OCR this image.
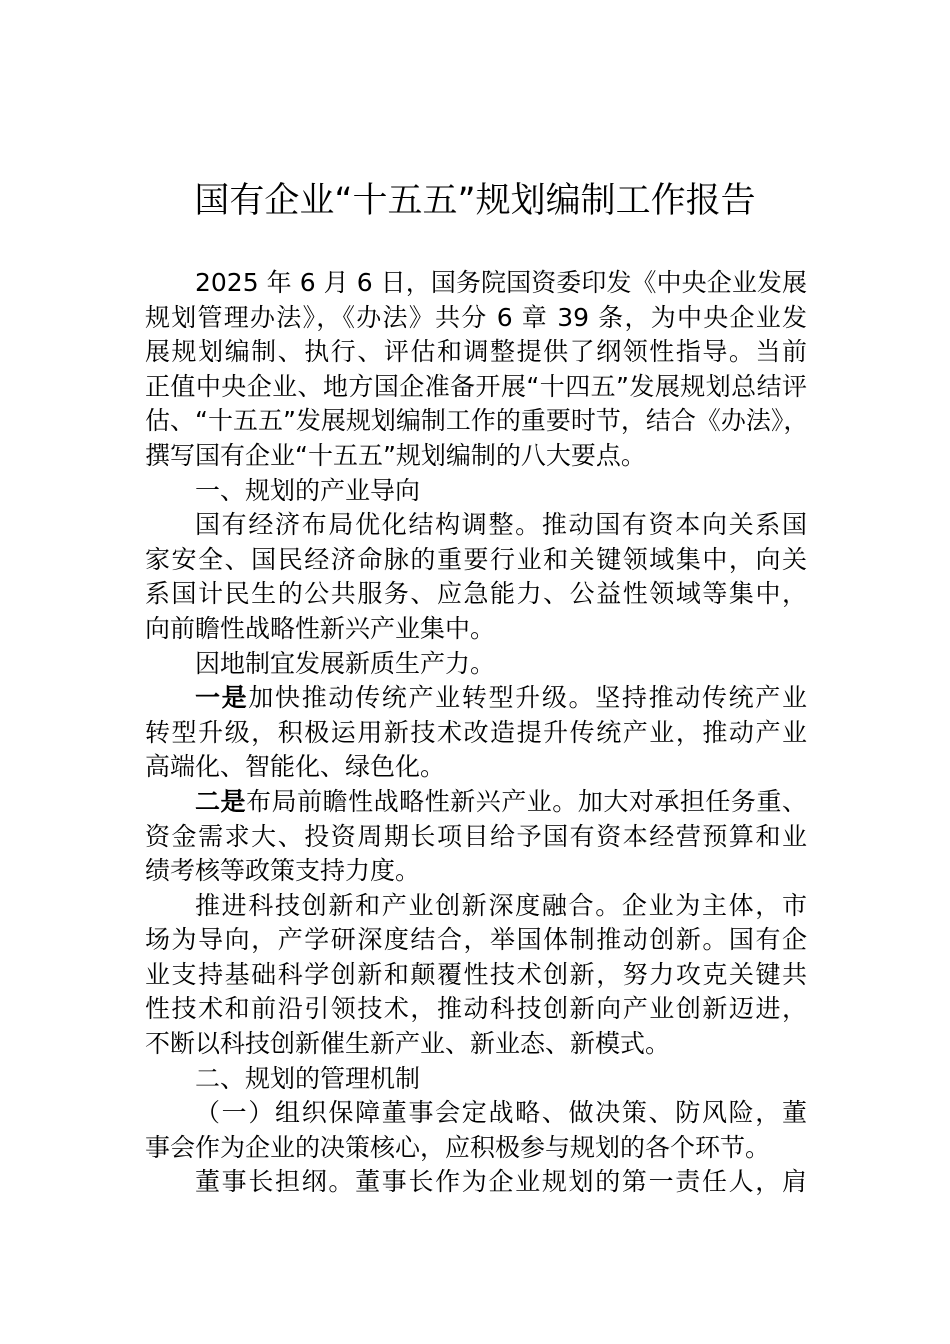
国有企业“十五五”规划编制工作报告
2025 年 6 月 6 日，国务院国资委印发《中央企业发展
规划管理办法》，《办法》共分 6 章 39 条，为中央企业发
展规划编制、执行、评估和调整提供了纲领性指导。当前
正值中央企业、地方国企准备开展“十四五”发展规划总结评
估、“十五五”发展规划编制工作的重要时节，结合《办法》，
撰写国有企业“十五五”规划编制的八大要点。
一、规划的产业导向
国有经济布局优化结构调整。推动国有资本向关系国
家安全、国民经济命脉的重要行业和关键领域集中，向关
系国计民生的公共服务、应急能力、公益性领域等集中，
向前瞻性战略性新兴产业集中。
因地制宜发展新质生产力。
一是加快推动传统产业转型升级。坚持推动传统产业
转型升级，积极运用新技术改造提升传统产业，推动产业
高端化、智能化、绿色化。
二是布局前瞻性战略性新兴产业。加大对承担任务重、
资金需求大、投资周期长项目给予国有资本经营预算和业
绩考核等政策支持力度。
推进科技创新和产业创新深度融合。企业为主体，市
场为导向，产学研深度结合，举国体制推动创新。国有企
业支持基础科学创新和颠覆性技术创新，努力攻克关键共
性技术和前沿引领技术，推动科技创新向产业创新迈进，
不断以科技创新催生新产业、新业态、新模式。
二、规划的管理机制
（一）组织保障董事会定战略、做决策、防风险，董
事会作为企业的决策核心，应积极参与规划的各个环节。
董事长担纲。董事长作为企业规划的第一责任人，肩
